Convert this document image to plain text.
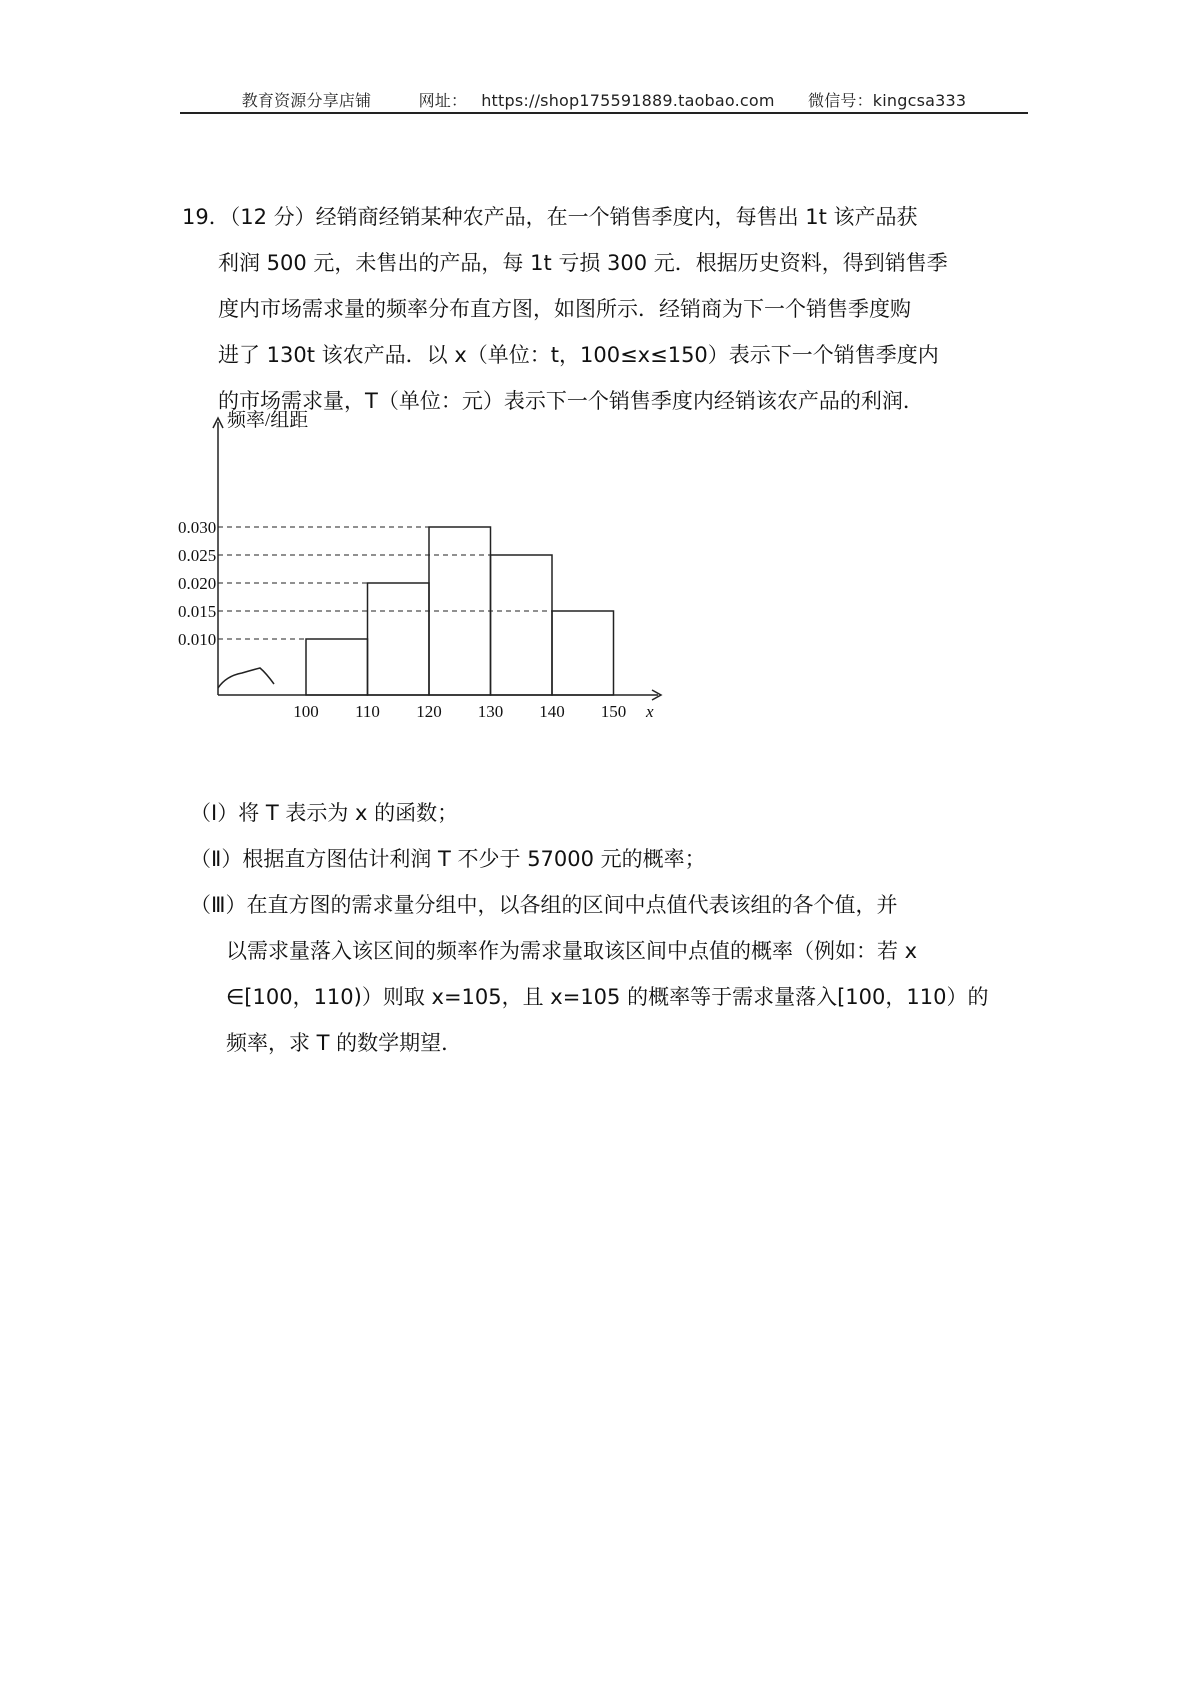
教育资源分享店铺	网址： https://shop175591889.taobao.com 微信号：kingcsa333
19．（12 分）经销商经销某种农产品，在一个销售季度内，每售出 1t 该产品获
利润 500 元，未售出的产品，每 1t 亏损 300 元．根据历史资料，得到销售季
度内市场需求量的频率分布直方图，如图所示．经销商为下一个销售季度购
进了 130t 该农产品．以 x（单位：t，100≤x≤150）表示下一个销售季度内
的市场需求量，T（单位：元）表示下一个销售季度内经销该农产品的利润．
0.030
0.025
0.020
0.015
0.010
100 110 120 130 140 150 x
频率/组距
（Ⅰ）将 T 表示为 x 的函数；
（Ⅱ）根据直方图估计利润 T 不少于 57000 元的概率；
（Ⅲ）在直方图的需求量分组中，以各组的区间中点值代表该组的各个值，并
以需求量落入该区间的频率作为需求量取该区间中点值的概率（例如：若 x
∈[100，110)）则取 x=105，且 x=105 的概率等于需求量落入[100，110）的
频率，求 T 的数学期望．
